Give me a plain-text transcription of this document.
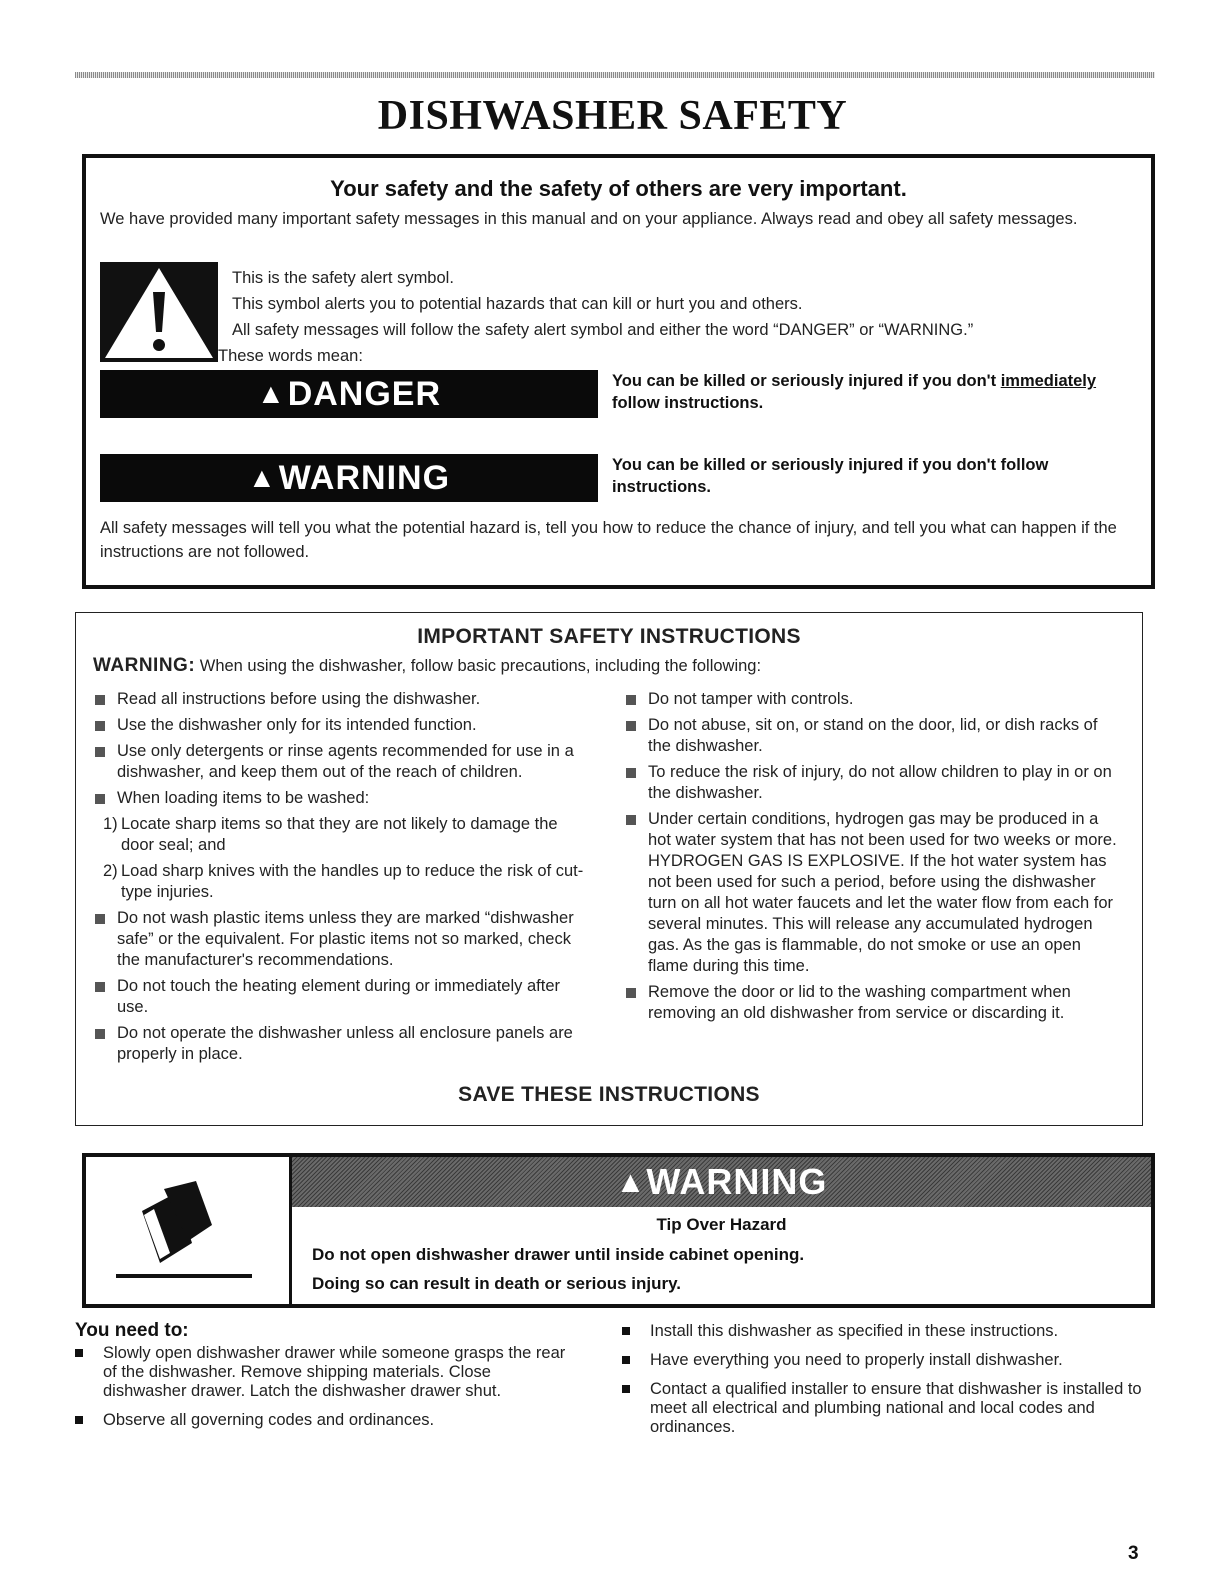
DISHWASHER SAFETY
Your safety and the safety of others are very important.
We have provided many important safety messages in this manual and on your appliance. Always read and obey all safety messages.
This is the safety alert symbol.
This symbol alerts you to potential hazards that can kill or hurt you and others.
All safety messages will follow the safety alert symbol and either the word “DANGER” or “WARNING.”
These words mean:
▲DANGER	You can be killed or seriously injured if you don't immediately follow instructions.
▲WARNING	You can be killed or seriously injured if you don't follow instructions.
All safety messages will tell you what the potential hazard is, tell you how to reduce the chance of injury, and tell you what can happen if the instructions are not followed.
IMPORTANT SAFETY INSTRUCTIONS
WARNING: When using the dishwasher, follow basic precautions, including the following:
Read all instructions before using the dishwasher.
Use the dishwasher only for its intended function.
Use only detergents or rinse agents recommended for use in a dishwasher, and keep them out of the reach of children.
When loading items to be washed:
1) Locate sharp items so that they are not likely to damage the door seal; and
2) Load sharp knives with the handles up to reduce the risk of cut-type injuries.
Do not wash plastic items unless they are marked “dishwasher safe” or the equivalent. For plastic items not so marked, check the manufacturer's recommendations.
Do not touch the heating element during or immediately after use.
Do not operate the dishwasher unless all enclosure panels are properly in place.
Do not tamper with controls.
Do not abuse, sit on, or stand on the door, lid, or dish racks of the dishwasher.
To reduce the risk of injury, do not allow children to play in or on the dishwasher.
Under certain conditions, hydrogen gas may be produced in a hot water system that has not been used for two weeks or more. HYDROGEN GAS IS EXPLOSIVE. If the hot water system has not been used for such a period, before using the dishwasher turn on all hot water faucets and let the water flow from each for several minutes. This will release any accumulated hydrogen gas. As the gas is flammable, do not smoke or use an open flame during this time.
Remove the door or lid to the washing compartment when removing an old dishwasher from service or discarding it.
SAVE THESE INSTRUCTIONS
▲WARNING
Tip Over Hazard
Do not open dishwasher drawer until inside cabinet opening.
Doing so can result in death or serious injury.
You need to:
Slowly open dishwasher drawer while someone grasps the rear of the dishwasher. Remove shipping materials. Close dishwasher drawer. Latch the dishwasher drawer shut.
Observe all governing codes and ordinances.
Install this dishwasher as specified in these instructions.
Have everything you need to properly install dishwasher.
Contact a qualified installer to ensure that dishwasher is installed to meet all electrical and plumbing national and local codes and ordinances.
3
